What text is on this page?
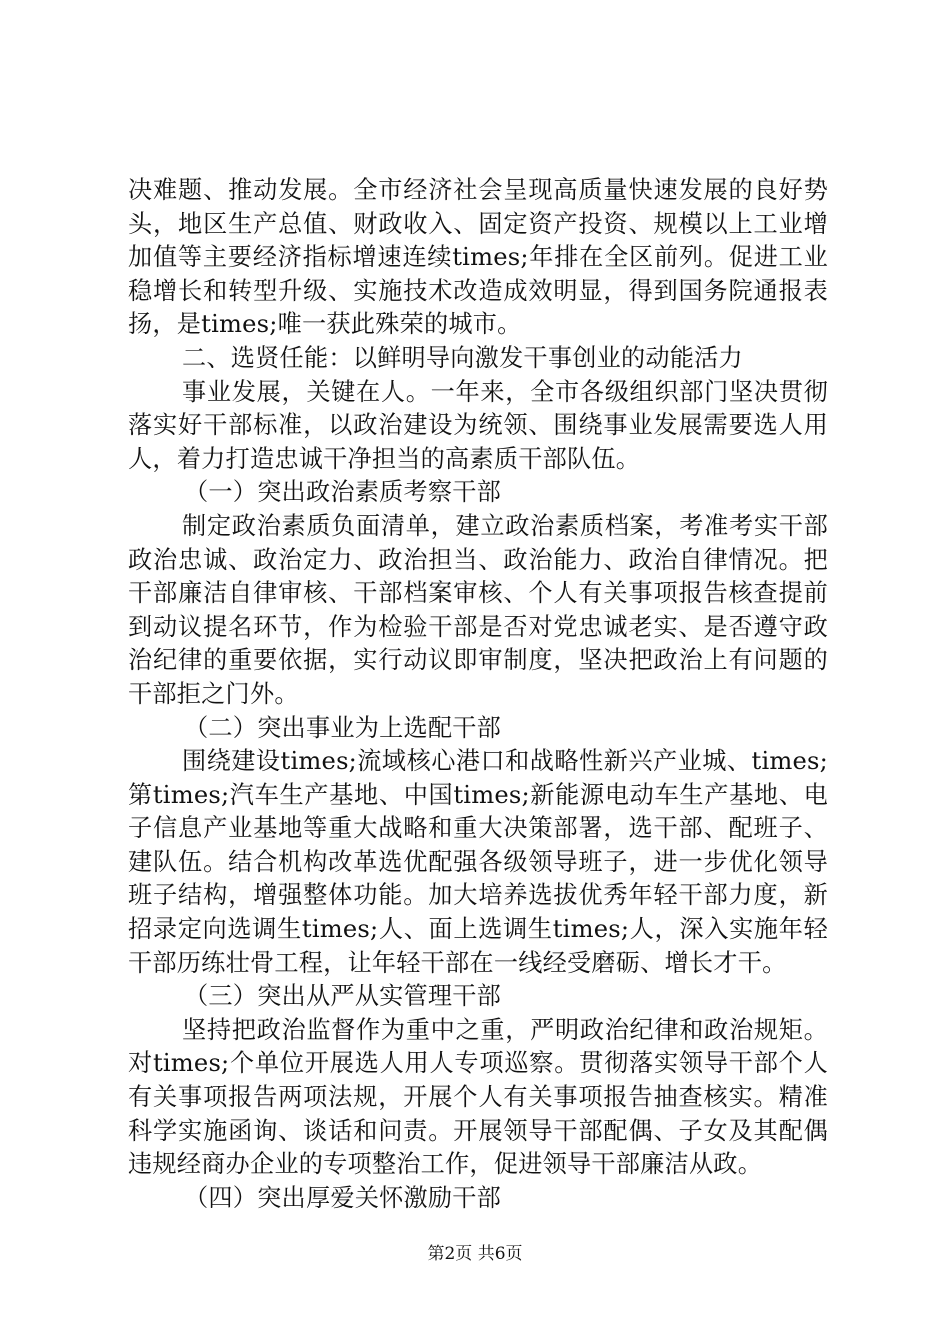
决难题、推动发展。全市经济社会呈现高质量快速发展的良好势头，地区生产总值、财政收入、固定资产投资、规模以上工业增加值等主要经济指标增速连续times;年排在全区前列。促进工业稳增长和转型升级、实施技术改造成效明显，得到国务院通报表扬，是times;唯一获此殊荣的城市。

二、选贤任能：以鲜明导向激发干事创业的动能活力

事业发展，关键在人。一年来，全市各级组织部门坚决贯彻落实好干部标准，以政治建设为统领、围绕事业发展需要选人用人，着力打造忠诚干净担当的高素质干部队伍。

（一）突出政治素质考察干部

制定政治素质负面清单，建立政治素质档案，考准考实干部政治忠诚、政治定力、政治担当、政治能力、政治自律情况。把干部廉洁自律审核、干部档案审核、个人有关事项报告核查提前到动议提名环节，作为检验干部是否对党忠诚老实、是否遵守政治纪律的重要依据，实行动议即审制度，坚决把政治上有问题的干部拒之门外。

（二）突出事业为上选配干部

围绕建设times;流域核心港口和战略性新兴产业城、times;第times;汽车生产基地、中国times;新能源电动车生产基地、电子信息产业基地等重大战略和重大决策部署，选干部、配班子、建队伍。结合机构改革选优配强各级领导班子，进一步优化领导班子结构，增强整体功能。加大培养选拔优秀年轻干部力度，新招录定向选调生times;人、面上选调生times;人，深入实施年轻干部历练壮骨工程，让年轻干部在一线经受磨砺、增长才干。

（三）突出从严从实管理干部

坚持把政治监督作为重中之重，严明政治纪律和政治规矩。对times;个单位开展选人用人专项巡察。贯彻落实领导干部个人有关事项报告两项法规，开展个人有关事项报告抽查核实。精准科学实施函询、谈话和问责。开展领导干部配偶、子女及其配偶违规经商办企业的专项整治工作，促进领导干部廉洁从政。

（四）突出厚爱关怀激励干部

第2页 共6页
